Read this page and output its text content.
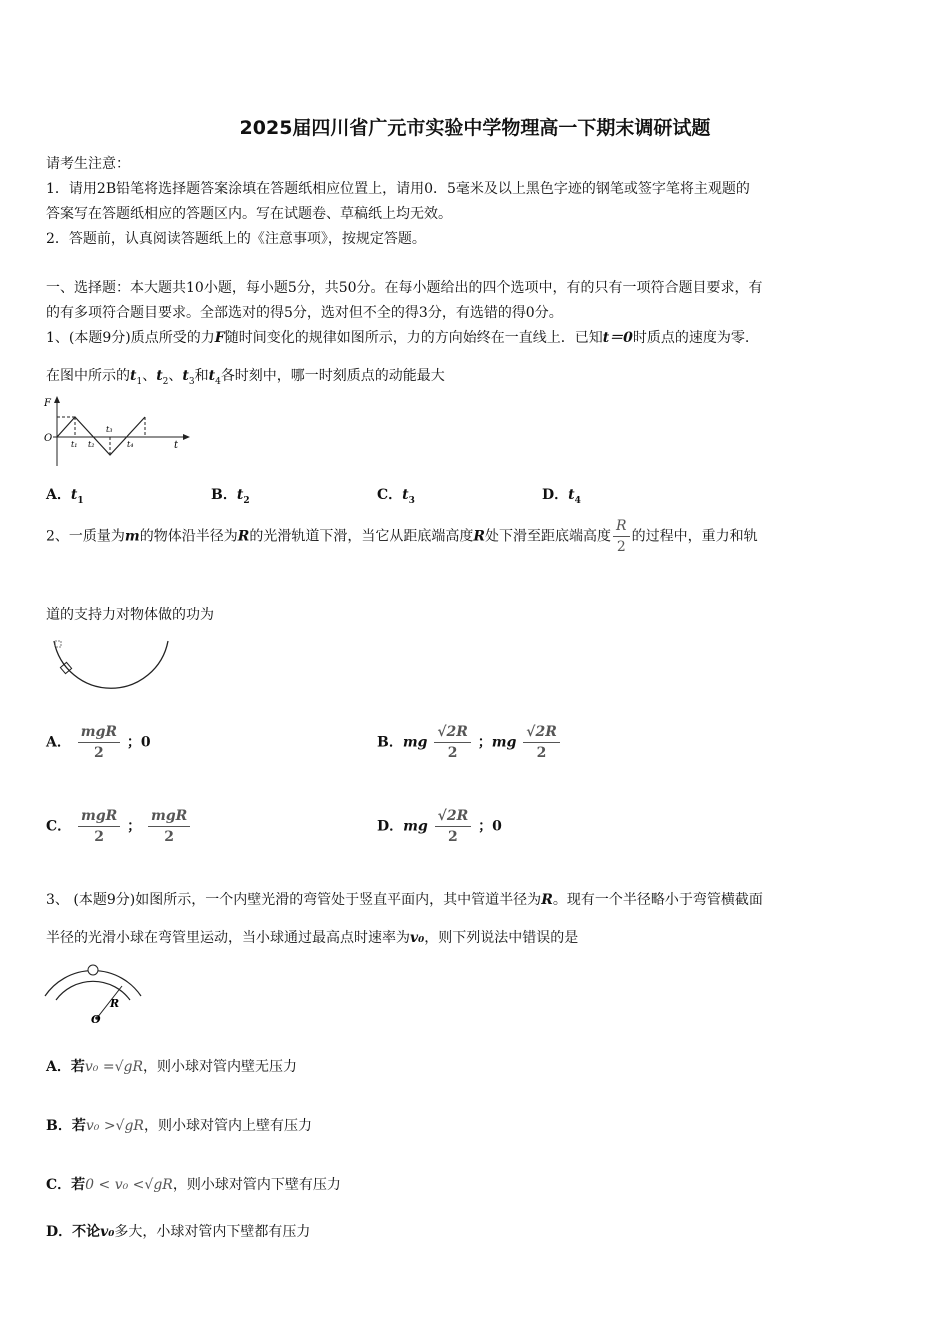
2025届四川省广元市实验中学物理高一下期末调研试题
请考生注意：
1．请用2B铅笔将选择题答案涂填在答题纸相应位置上，请用0．5毫米及以上黑色字迹的钢笔或签字笔将主观题的
答案写在答题纸相应的答题区内。写在试题卷、草稿纸上均无效。
2．答题前，认真阅读答题纸上的《注意事项》，按规定答题。
一、选择题：本大题共10小题，每小题5分，共50分。在每小题给出的四个选项中，有的只有一项符合题目要求，有
的有多项符合题目要求。全部选对的得5分，选对但不全的得3分，有选错的得0分。
1、(本题9分)质点所受的力F随时间变化的规律如图所示，力的方向始终在一直线上．已知t＝0时质点的速度为零.
在图中所示的$t_1$、$t_2$、$t_3$和$t_4$各时刻中，哪一时刻质点的动能最大
F
O
t₁ t₂
t₃
t₄	t
A．$t_1$	B．$t_2$	C．$t_3$	D．$t_4$
2、一质量为m的物体沿半径为R的光滑轨道下滑，当它从距底端高度R处下滑至距底端高度 $\frac{R}{2}$ 的过程中，重力和轨
道的支持力对物体做的功为
A． $\frac{\text{mgR}}{2}$ ；0	B．mg $\frac{√2R}{2}$ ；mg $\frac{√2R}{2}$
C． $\frac{\text{mgR}}{2}$ ； $\frac{\text{mgR}}{2}$	D．mg $\frac{√2R}{2}$ ；0
3、 (本题9分)如图所示，一个内壁光滑的弯管处于竖直平面内，其中管道半径为R。现有一个半径略小于弯管横截面
半径的光滑小球在弯管里运动，当小球通过最高点时速率为v₀，则下列说法中错误的是
R
O
A．若v₀ =√gR，则小球对管内壁无压力
B．若v₀ >√gR，则小球对管内上壁有压力
C．若0 < v₀ <√gR，则小球对管内下壁有压力
D．不论v₀多大，小球对管内下壁都有压力
